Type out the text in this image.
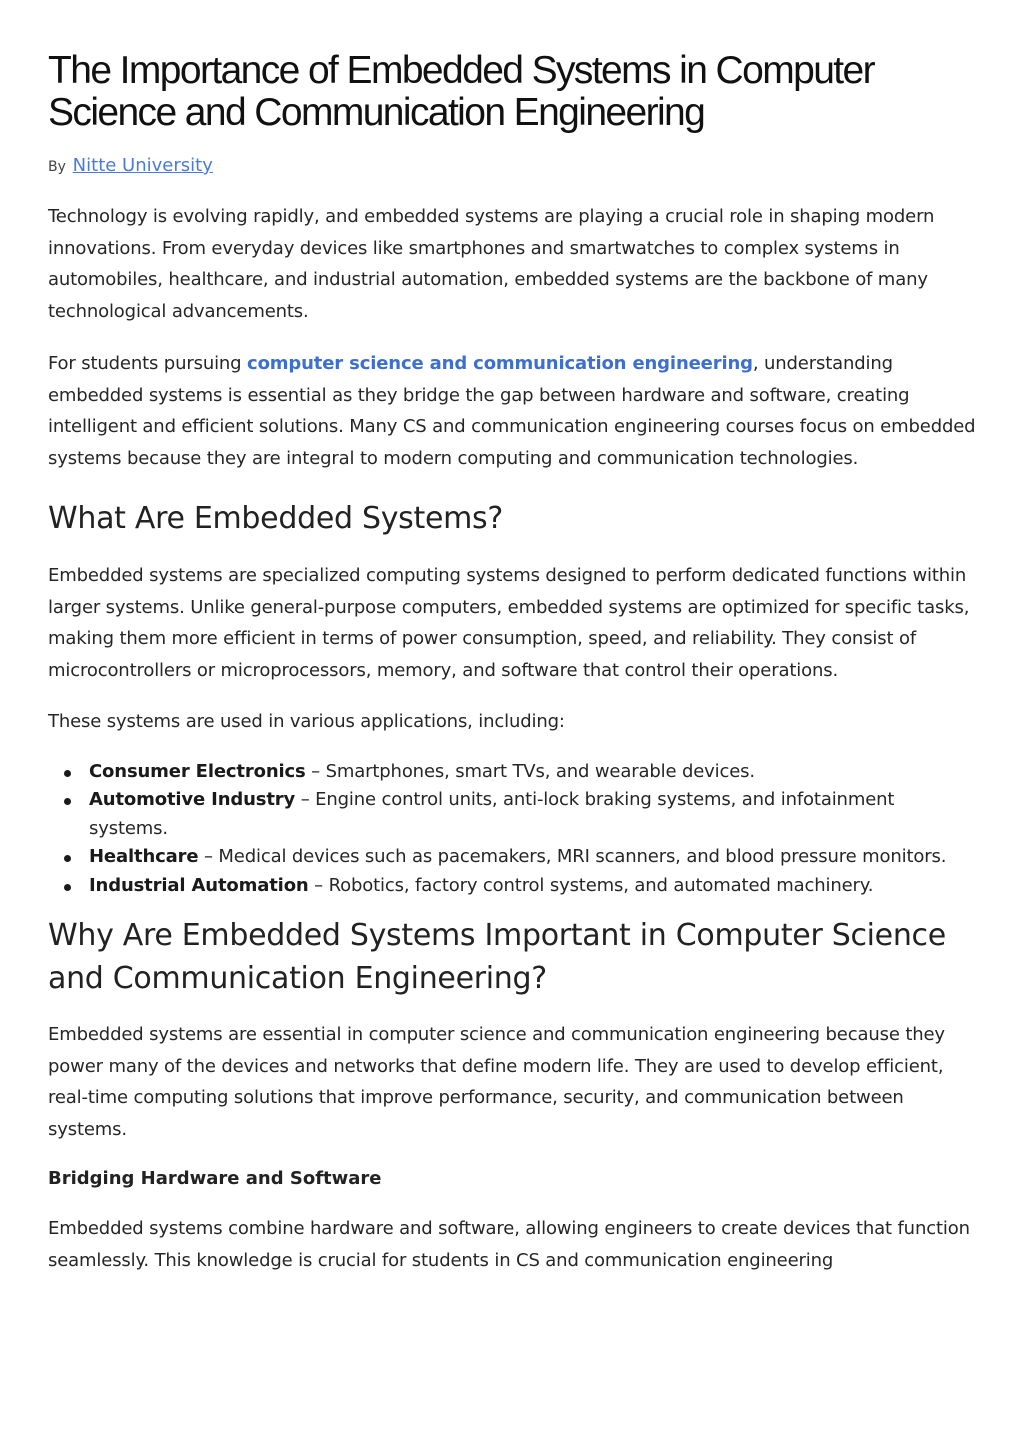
The Importance of Embedded Systems in Computer Science and Communication Engineering
By Nitte University

Technology is evolving rapidly, and embedded systems are playing a crucial role in shaping modern innovations. From everyday devices like smartphones and smartwatches to complex systems in automobiles, healthcare, and industrial automation, embedded systems are the backbone of many technological advancements.

For students pursuing computer science and communication engineering, understanding embedded systems is essential as they bridge the gap between hardware and software, creating intelligent and efficient solutions. Many CS and communication engineering courses focus on embedded systems because they are integral to modern computing and communication technologies.

What Are Embedded Systems?

Embedded systems are specialized computing systems designed to perform dedicated functions within larger systems. Unlike general-purpose computers, embedded systems are optimized for specific tasks, making them more efficient in terms of power consumption, speed, and reliability. They consist of microcontrollers or microprocessors, memory, and software that control their operations.

These systems are used in various applications, including:

Consumer Electronics – Smartphones, smart TVs, and wearable devices.
Automotive Industry – Engine control units, anti-lock braking systems, and infotainment systems.
Healthcare – Medical devices such as pacemakers, MRI scanners, and blood pressure monitors.
Industrial Automation – Robotics, factory control systems, and automated machinery.
Why Are Embedded Systems Important in Computer Science and Communication Engineering?

Embedded systems are essential in computer science and communication engineering because they power many of the devices and networks that define modern life. They are used to develop efficient, real-time computing solutions that improve performance, security, and communication between systems.

Bridging Hardware and Software

Embedded systems combine hardware and software, allowing engineers to create devices that function seamlessly. This knowledge is crucial for students in CS and communication engineering
